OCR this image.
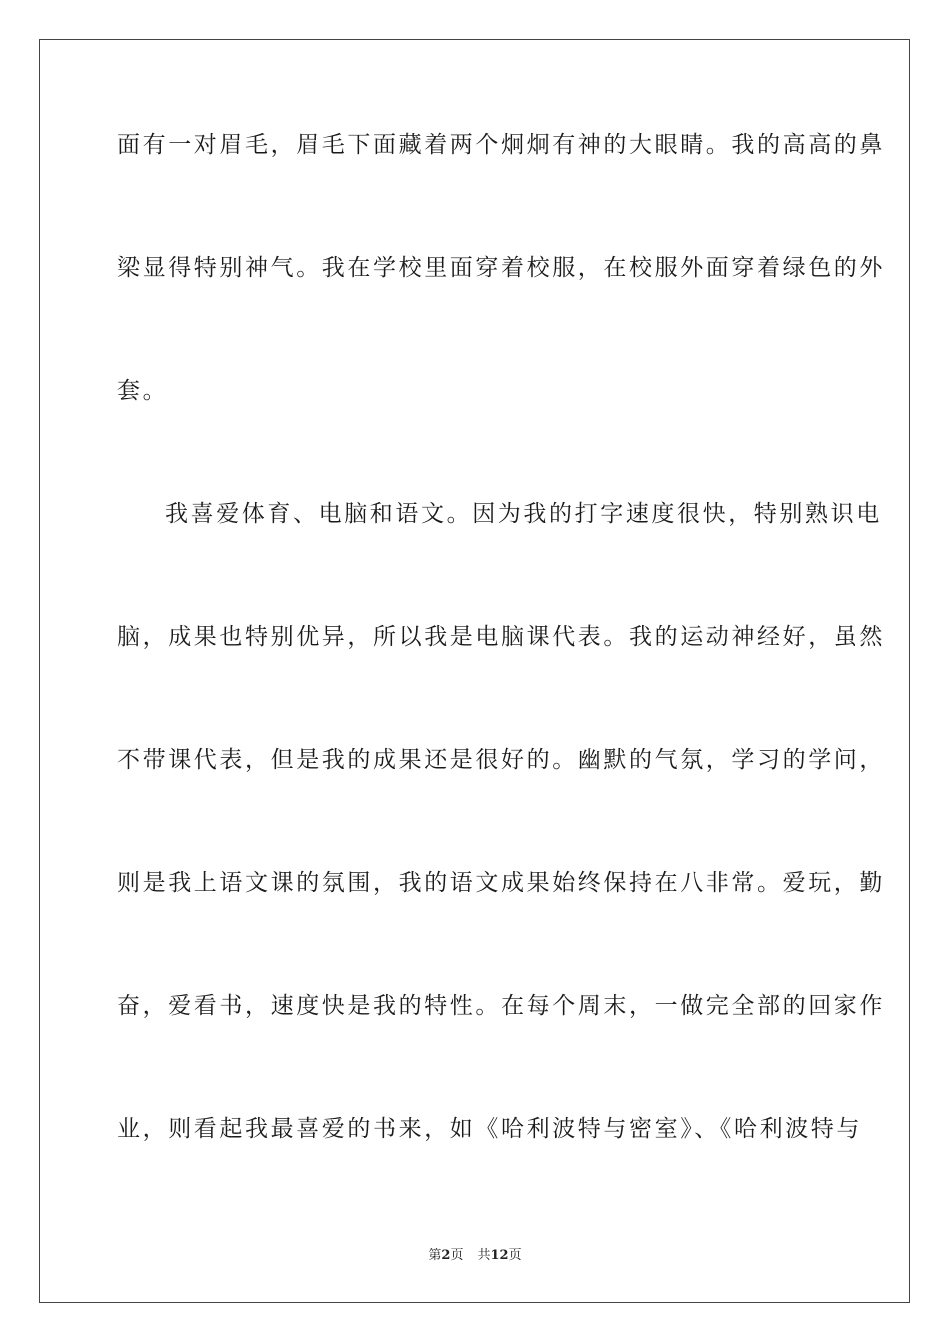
面有一对眉毛，眉毛下面藏着两个炯炯有神的大眼睛。我的高高的鼻
梁显得特别神气。我在学校里面穿着校服，在校服外面穿着绿色的外
套。
我喜爱体育、电脑和语文。因为我的打字速度很快，特别熟识电
脑，成果也特别优异，所以我是电脑课代表。我的运动神经好，虽然
不带课代表，但是我的成果还是很好的。幽默的气氛，学习的学问，
则是我上语文课的氛围，我的语文成果始终保持在八非常。爱玩，勤
奋，爱看书，速度快是我的特性。在每个周末，一做完全部的回家作
业，则看起我最喜爱的书来，如《哈利波特与密室》、《哈利波特与
第2页 共12页
